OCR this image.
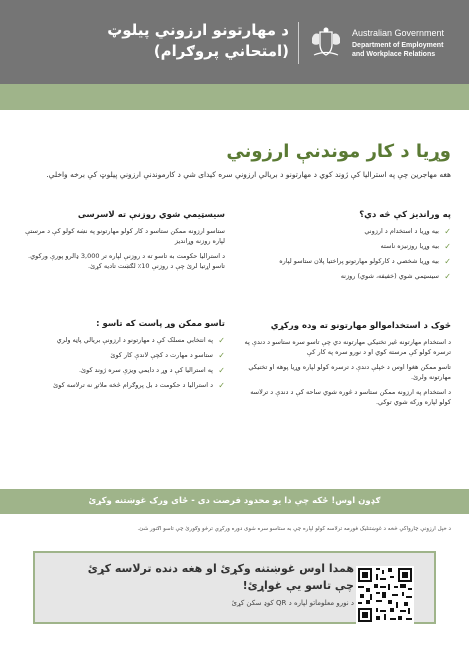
د مهارتونو ارزوني پيلوټ
(امتحاني پروګرام)
Australian Government
Department of Employment
and Workplace Relations
وړيا د کار موندنې ارزوني
هغه مهاجرين چې په استراليا کې ژوند کوي د مهارتونو د بريالي ارزوني سره کيدای شي د کارموندنې ارزوني پيلوټ کې برخه واخلي.
په ورانديز کې څه دي؟
✓
بيه وړيا د استخدام د ارزوني
✓
بيه وړيا روزنيزه ناسته
✓
بيه وړيا شخصي د کارکولو مهارتونو پراختيا پلان ستاسو لپاره
✓
سيسټمي شوي (خفيفه، شوي) روزنه
څوک د استخداموالو مهارتونو ته وده ورکړي
د استخدام مهارتونه غير تخنيکي مهارتونه دي چې تاسو سره ستاسو د دندې په ترسره کولو کې مرسته کوي او د نورو سره په کار کې
تاسو ممکن هغوا اوس د خپلې دندې د ترسره کولو لپاره وړيا پوهه او تخنيکي مهارتونه ولرئ.
د استخدام په ارزونه ممکن ستاسو د غوره شوي ساحه کې د دندې د ترلاسه کولو لپاره ورکه شوي توکي.
سيسټيمي شوي روزنې ته لاسرسی
ستاسو ارزونه ممکن ستاسو د کار کولو مهارتونو په نښه کولو کې د مرستې لپاره روزنه وړانديز
د استراليا حکومت به تاسو ته د روزنې لپاره تر 3,000 ډالرو پورې ورکوي. تاسو اړتيا لرئ چې د روزنې 10٪ لګښت تاديه کړئ.
تاسو ممکن وړ پاست که تاسو :
✓
په انتخابي مسلک کې د مهارتونو د ارزونې بريالي پاڼه ولري
✓
ستاسو د مهارت د کچې لاندې کار کوئ
✓
په استراليا کې د وړ د دايمي ويزې سره ژوند کوئ.
✓
د استراليا د حکومت د بل پروګرام څخه ملاتړ نه ترلاسه کوئ
ګډون اوس! ځکه چې دا يو محدود فرصت دی - ځای ورک غوښتنه وکړئ
د خپل ارزونې چارواکي څخه د غوښتنليک فورمه ترلاسه کولو لپاره چې به ستاسو سره شوی دوره ورکړي ترڅو وګورئ چې تاسو اګنور شئ.
همدا اوس غوښتنه وکړئ او هغه دنده ترلاسه کړئ
چې تاسو يې غواړئ!
د نورو معلوماتو لپاره د QR کوډ سکن کړئ
